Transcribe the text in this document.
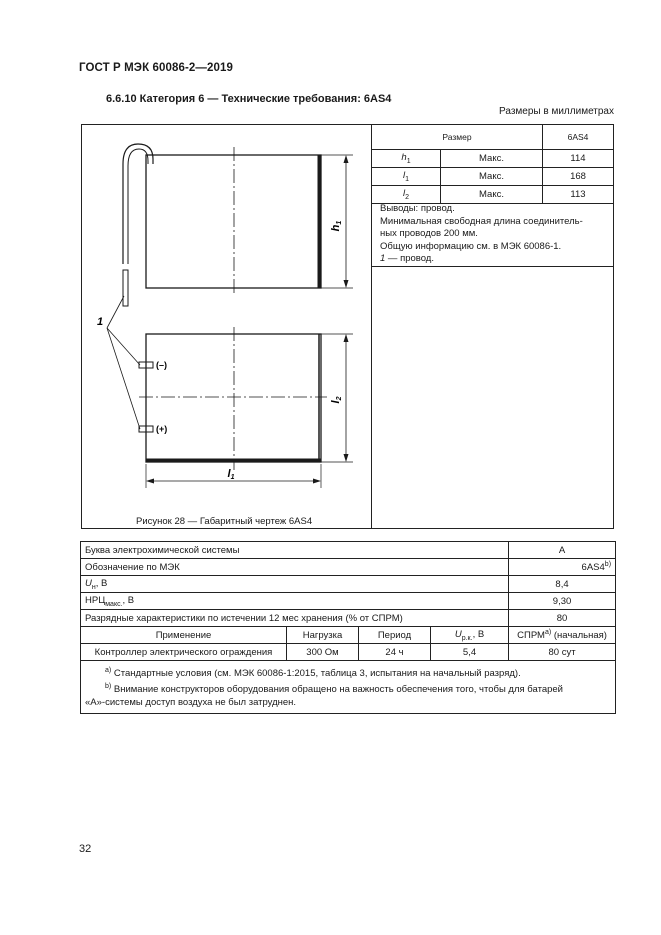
ГОСТ Р МЭК 60086-2—2019
6.6.10 Категория 6 — Технические требования: 6AS4
Размеры в миллиметрах
h1
l2
l1
1
(–)
(+)
Размер		6AS4
$h_1$	Макс.	114
$l_1$	Макс.	168
$l_2$	Макс.	113
Выводы: провод.
Минимальная свободная длина соединитель-
ных проводов 200 мм.
Общую информацию см. в МЭК 60086-1.
1 — провод.
Рисунок 28 — Габаритный чертеж 6AS4
Буква электрохимической системы				A
Обозначение по МЭК				6AS4$^{b)}$
$U_н$, В				8,4
$НРЦ_{макс.}$, В				9,30
Разрядные характеристики по истечении 12 мес хранения (% от СПРМ)				80
Применение	Нагрузка	Период	$U_{р.к.}$, В	СПРМ$^{a)}$ (начальная)
Контроллер электрического ограждения	300 Ом	24 ч	5,4	80 сут

$^{a)}$ Стандартные условия (см. МЭК 60086-1:2015, таблица 3, испытания на начальный разряд).
$^{b)}$ Внимание конструкторов оборудования обращено на важность обеспечения того, чтобы для батарей
«А»-системы доступ воздуха не был затруднен.				
32
